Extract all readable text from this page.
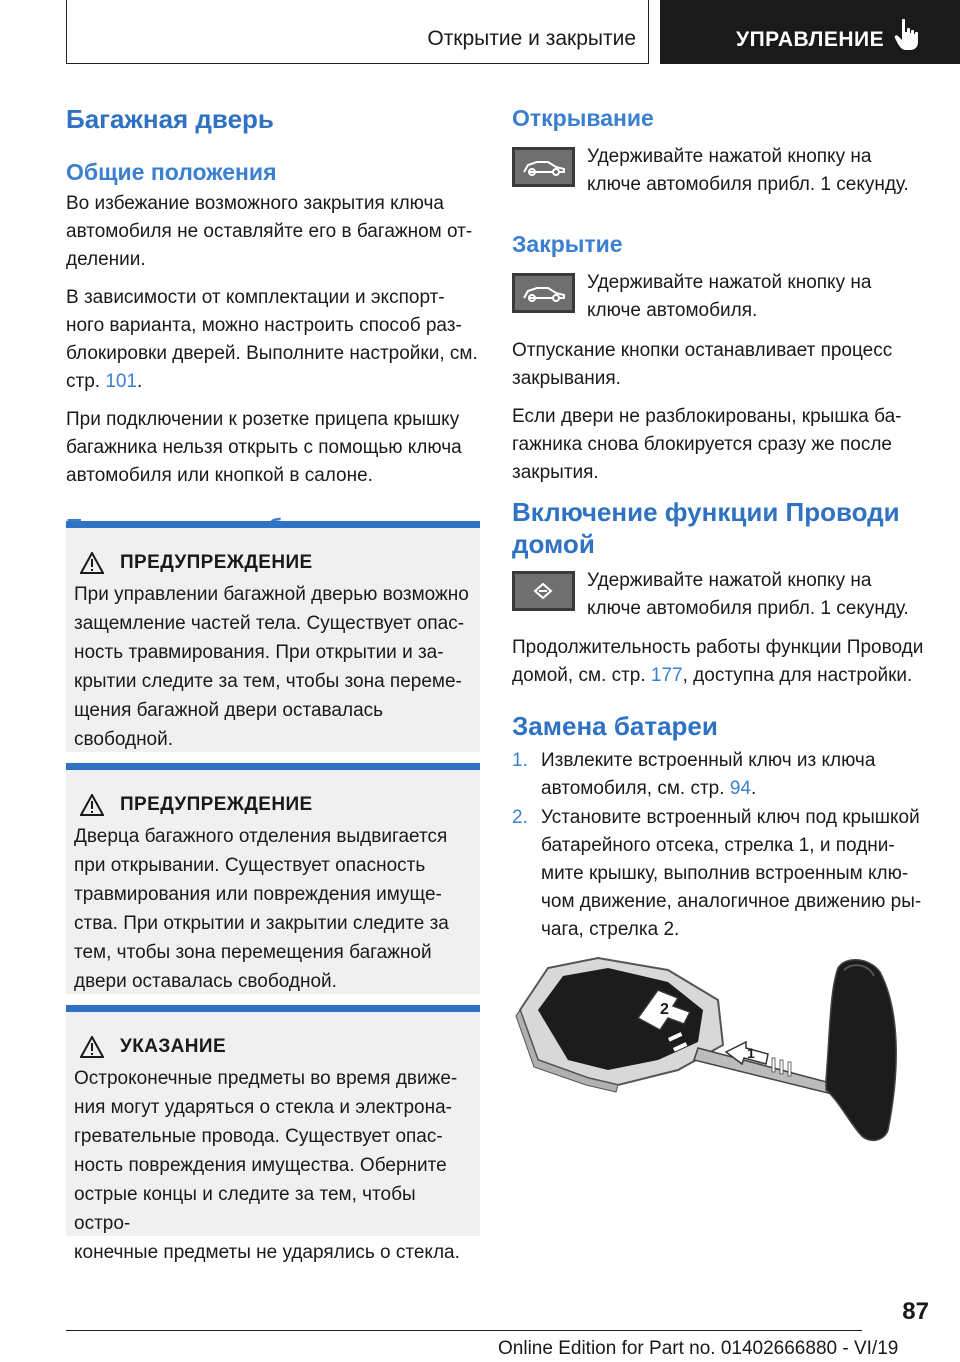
Открытие и закрытие	УПРАВЛЕНИЕ
Багажная дверь
Общие положения

Во избежание возможного закрытия ключа

автомобиля не оставляйте его в багажном от-

делении.

В зависимости от комплектации и экспорт-

ного варианта, можно настроить способ раз-

блокировки дверей. Выполните настройки, см.

стр. 101.

При подключении к розетке прицепа крышку

багажника нельзя открыть с помощью ключа

автомобиля или кнопкой в салоне.

ПРЕДУПРЕЖДЕНИЕ

При управлении багажной дверью возможно

защемление частей тела. Существует опас-

ность травмирования. При открытии и за-

крытии следите за тем, чтобы зона переме-

щения багажной двери оставалась

свободной.

ПРЕДУПРЕЖДЕНИЕ

Дверца багажного отделения выдвигается

при открывании. Существует опасность

травмирования или повреждения имуще-

ства. При открытии и закрытии следите за

тем, чтобы зона перемещения багажной

двери оставалась свободной.

УКАЗАНИЕ

Остроконечные предметы во время движе-

ния могут ударяться о стекла и электрона-

гревательные провода. Существует опас-

ность повреждения имущества. Оберните

острые концы и следите за тем, чтобы остро-

конечные предметы не ударялись о стекла.

Открывание

Удерживайте нажатой кнопку на

ключе автомобиля прибл. 1 секунду.

Закрытие

Удерживайте нажатой кнопку на

ключе автомобиля.

Отпускание кнопки останавливает процесс

закрывания.

Если двери не разблокированы, крышка ба-

гажника снова блокируется сразу же после

закрытия.

Включение функции Проводи
домой

Удерживайте нажатой кнопку на

ключе автомобиля прибл. 1 секунду.

Продолжительность работы функции Проводи

домой, см. стр. 177, доступна для настройки.

Замена батареи
1. Извлеките встроенный ключ из ключа
автомобиля, см. стр. 94.
2. Установите встроенный ключ под крышкой
батарейного отсека, стрелка 1, и подни-
мите крышку, выполнив встроенным клю-
чом движение, аналогичное движению ры-
чага, стрелка 2.
2
1
87
Online Edition for Part no. 01402666880 - VI/19
